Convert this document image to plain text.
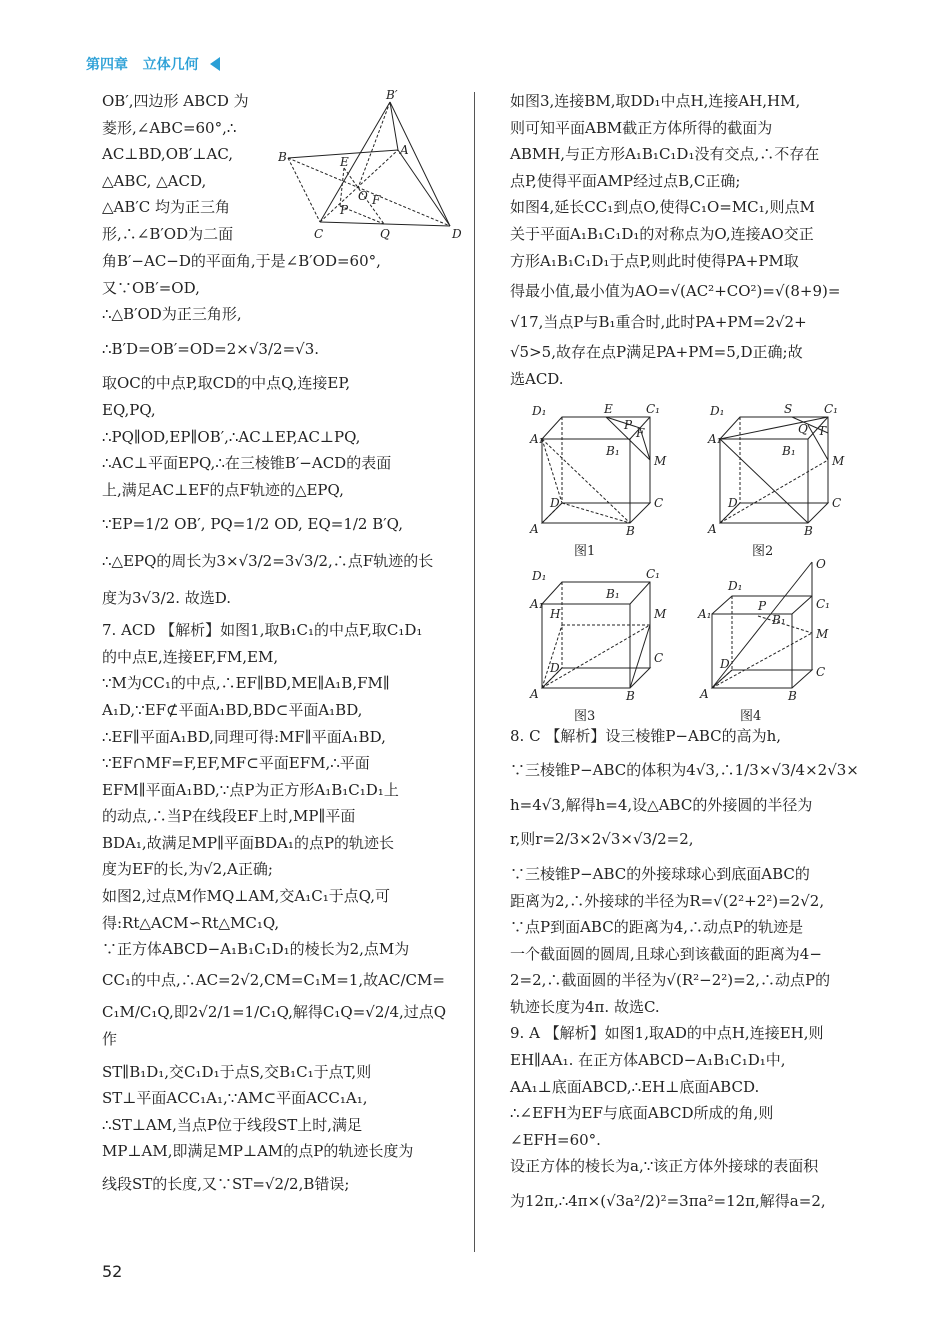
第四章 立体几何

OB′,四边形 ABCD 为

菱形,∠ABC=60°,∴

AC⊥BD,OB′⊥AC,

△ABC, △ACD,

△AB′C 均为正三角

形,∴∠B′OD为二面

B′
B	A
E
O F
P
C	Q	D

角B′−AC−D的平面角,于是∠B′OD=60°,

又∵OB′=OD,

∴△B′OD为正三角形,

∴B′D=OB′=OD=2×√3/2=√3.

取OC的中点P,取CD的中点Q,连接EP,

EQ,PQ,

∴PQ∥OD,EP∥OB′,∴AC⊥EP,AC⊥PQ,

∴AC⊥平面EPQ,∴在三棱锥B′−ACD的表面

上,满足AC⊥EF的点F轨迹的△EPQ,

∵EP=1/2 OB′, PQ=1/2 OD, EQ=1/2 B′Q,

∴△EPQ的周长为3×√3/2=3√3/2,∴点F轨迹的长

度为3√3/2. 故选D.

7. ACD 【解析】如图1,取B₁C₁的中点F,取C₁D₁

的中点E,连接EF,FM,EM,

∵M为CC₁的中点,∴EF∥BD,ME∥A₁B,FM∥

A₁D,∵EF⊄平面A₁BD,BD⊂平面A₁BD,

∴EF∥平面A₁BD,同理可得:MF∥平面A₁BD,

∵EF∩MF=F,EF,MF⊂平面EFM,∴平面

EFM∥平面A₁BD,∵点P为正方形A₁B₁C₁D₁上

的动点,∴当P在线段EF上时,MP∥平面

BDA₁,故满足MP∥平面BDA₁的点P的轨迹长

度为EF的长,为√2,A正确;

如图2,过点M作MQ⊥AM,交A₁C₁于点Q,可

得:Rt△ACM∽Rt△MC₁Q,

∵正方体ABCD−A₁B₁C₁D₁的棱长为2,点M为

CC₁的中点,∴AC=2√2,CM=C₁M=1,故AC/CM=

C₁M/C₁Q,即2√2/1=1/C₁Q,解得C₁Q=√2/4,过点Q作

ST∥B₁D₁,交C₁D₁于点S,交B₁C₁于点T,则

ST⊥平面ACC₁A₁,∵AM⊂平面ACC₁A₁,

∴ST⊥AM,当点P位于线段ST上时,满足

MP⊥AM,即满足MP⊥AM的点P的轨迹长度为

线段ST的长度,又∵ST=√2/2,B错误;

如图3,连接BM,取DD₁中点H,连接AH,HM,

则可知平面ABM截正方体所得的截面为

ABMH,与正方形A₁B₁C₁D₁没有交点,∴不存在

点P,使得平面AMP经过点B,C正确;

如图4,延长CC₁到点O,使得C₁O=MC₁,则点M

关于平面A₁B₁C₁D₁的对称点为O,连接AO交正

方形A₁B₁C₁D₁于点P,则此时使得PA+PM取

得最小值,最小值为AO=√(AC²+CO²)=√(8+9)=

√17,当点P与B₁重合时,此时PA+PM=2√2+

√5>5,故存在点P满足PA+PM=5,D正确;故

选ACD.

D₁	E
P
C₁
A₁
B₁
F
M
D	C
A	B
图1
D₁	S	C₁
Q T
A₁
B₁
M
D	C
A	B
图2
D₁	C₁
A₁
B₁
H	M
D
C
A	B
图3
O
C₁
D₁
A₁
P
B₁
M
D
C
A	B
图4

8. C 【解析】设三棱锥P−ABC的高为h,

∵三棱锥P−ABC的体积为4√3,∴1/3×√3/4×2√3×

h=4√3,解得h=4,设△ABC的外接圆的半径为

r,则r=2/3×2√3×√3/2=2,

∵三棱锥P−ABC的外接球球心到底面ABC的

距离为2,∴外接球的半径为R=√(2²+2²)=2√2,

∵点P到面ABC的距离为4,∴动点P的轨迹是

一个截面圆的圆周,且球心到该截面的距离为4−

2=2,∴截面圆的半径为√(R²−2²)=2,∴动点P的

轨迹长度为4π. 故选C.

9. A 【解析】如图1,取AD的中点H,连接EH,则

EH∥AA₁. 在正方体ABCD−A₁B₁C₁D₁中,

AA₁⊥底面ABCD,∴EH⊥底面ABCD.

∴∠EFH为EF与底面ABCD所成的角,则

∠EFH=60°.

设正方体的棱长为a,∵该正方体外接球的表面积

为12π,∴4π×(√3a²/2)²=3πa²=12π,解得a=2,

52
